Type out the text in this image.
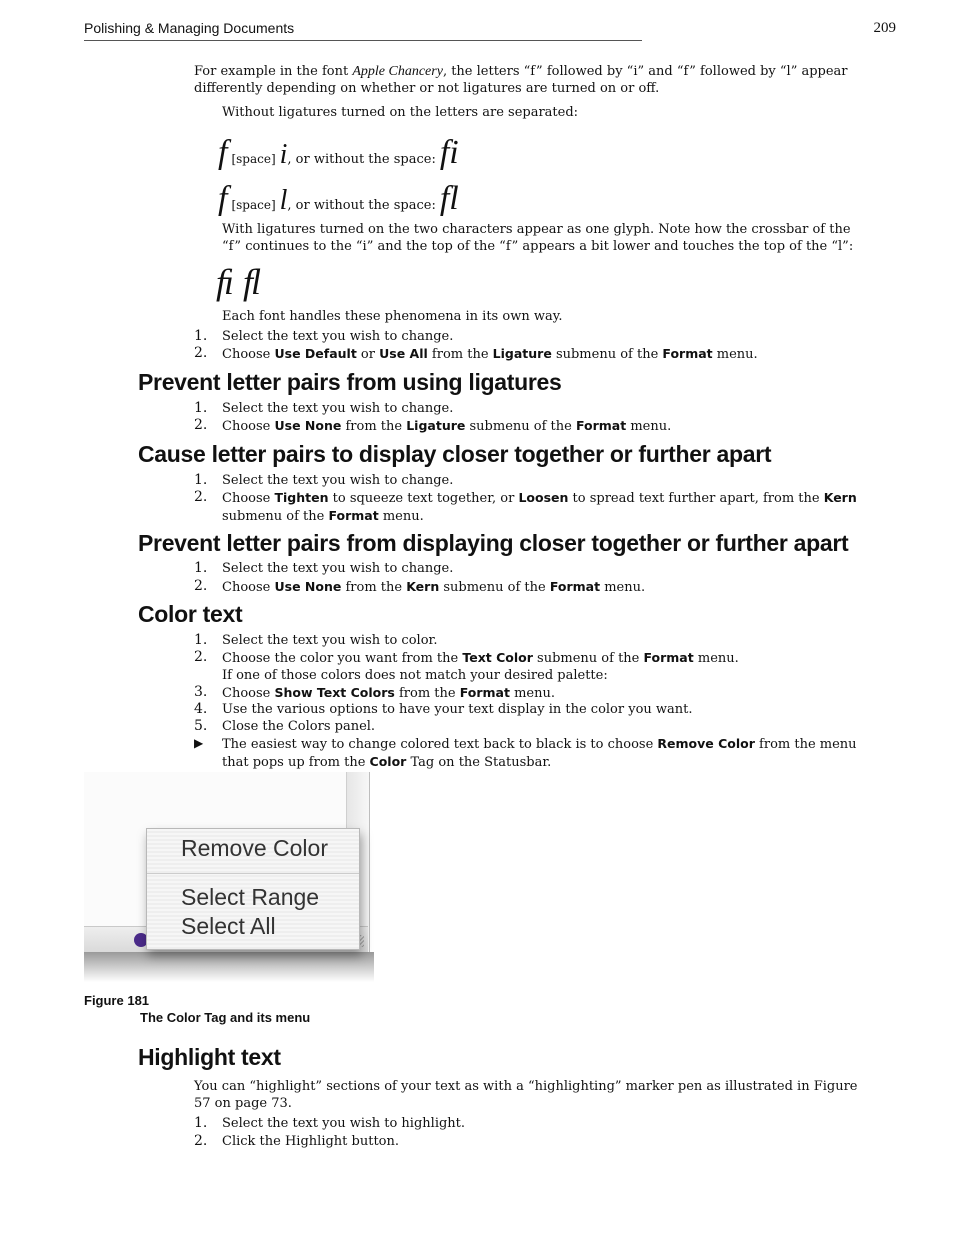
Polishing & Managing Documents	209
For example in the font Apple Chancery, the letters “f” followed by “i” and “f” followed by “l” appear
differently depending on whether or not ligatures are turned on or off.
Without ligatures turned on the letters are separated:
f [space] i, or without the space: fi
f [space] l, or without the space: fl
With ligatures turned on the two characters appear as one glyph. Note how the crossbar of the
“f” continues to the “i” and the top of the “f” appears a bit lower and touches the top of the “l”:
ﬁ ﬂ
Each font handles these phenomena in its own way.
1.	Select the text you wish to change.
2.	Choose Use Default or Use All from the Ligature submenu of the Format menu.
Prevent letter pairs from using ligatures
1.	Select the text you wish to change.
2.	Choose Use None from the Ligature submenu of the Format menu.
Cause letter pairs to display closer together or further apart
1.	Select the text you wish to change.
2.	Choose Tighten to squeeze text together, or Loosen to spread text further apart, from the Kern
submenu of the Format menu.
Prevent letter pairs from displaying closer together or further apart
1.	Select the text you wish to change.
2.	Choose Use None from the Kern submenu of the Format menu.
Color text
1.	Select the text you wish to color.
2.	Choose the color you want from the Text Color submenu of the Format menu.
If one of those colors does not match your desired palette:
3.	Choose Show Text Colors from the Format menu.
4.	Use the various options to have your text display in the color you want.
5.	Close the Colors panel.
▶	The easiest way to change colored text back to black is to choose Remove Color from the menu
that pops up from the Color Tag on the Statusbar.
Remove Color
Select Range
Select All
Figure 181
The Color Tag and its menu
Highlight text
You can “highlight” sections of your text as with a “highlighting” marker pen as illustrated in Figure
57 on page 73.
1.	Select the text you wish to highlight.
2.	Click the Highlight button.
